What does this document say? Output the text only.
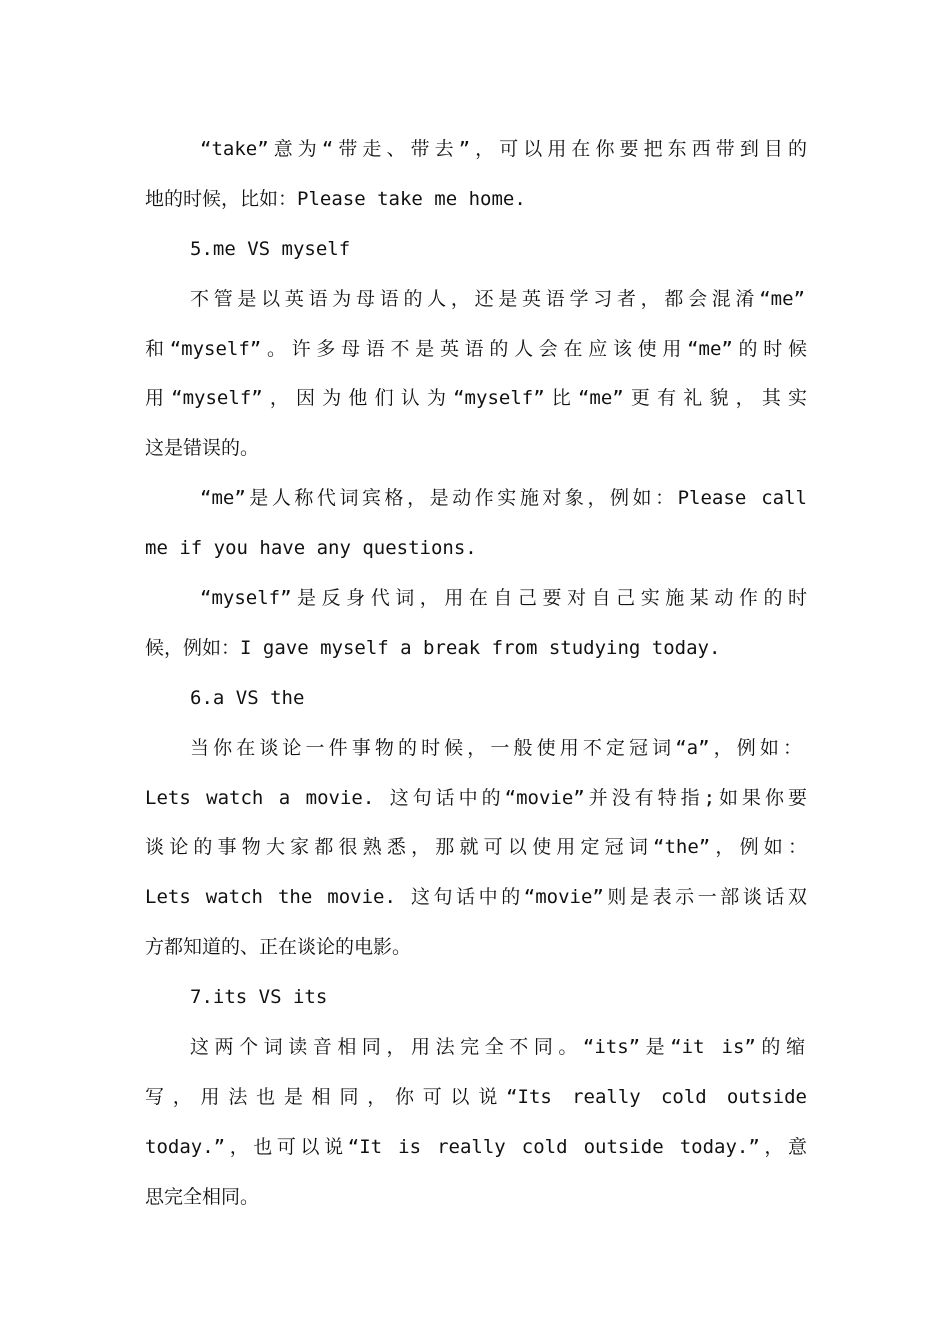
“take”意为“带走、带去”，可以用在你要把东西带到目的
地的时候，比如：Please take me home.
5.me VS myself
不管是以英语为母语的人，还是英语学习者，都会混淆“me”
和“myself”。许多母语不是英语的人会在应该使用“me”的时候
用“myself”，因为他们认为“myself”比“me”更有礼貌，其实
这是错误的。
“me”是人称代词宾格，是动作实施对象，例如：Please call
me if you have any questions.
“myself”是反身代词，用在自己要对自己实施某动作的时
候，例如：I gave myself a break from studying today.
6.a VS the
当你在谈论一件事物的时候，一般使用不定冠词“a”，例如：
Lets watch a movie. 这句话中的“movie”并没有特指;如果你要
谈论的事物大家都很熟悉，那就可以使用定冠词“the”，例如：
Lets watch the movie. 这句话中的“movie”则是表示一部谈话双
方都知道的、正在谈论的电影。
7.its VS its
这两个词读音相同，用法完全不同。“its”是“it is”的缩
写，用法也是相同，你可以说“Its really cold outside
today.”，也可以说“It is really cold outside today.”，意
思完全相同。
